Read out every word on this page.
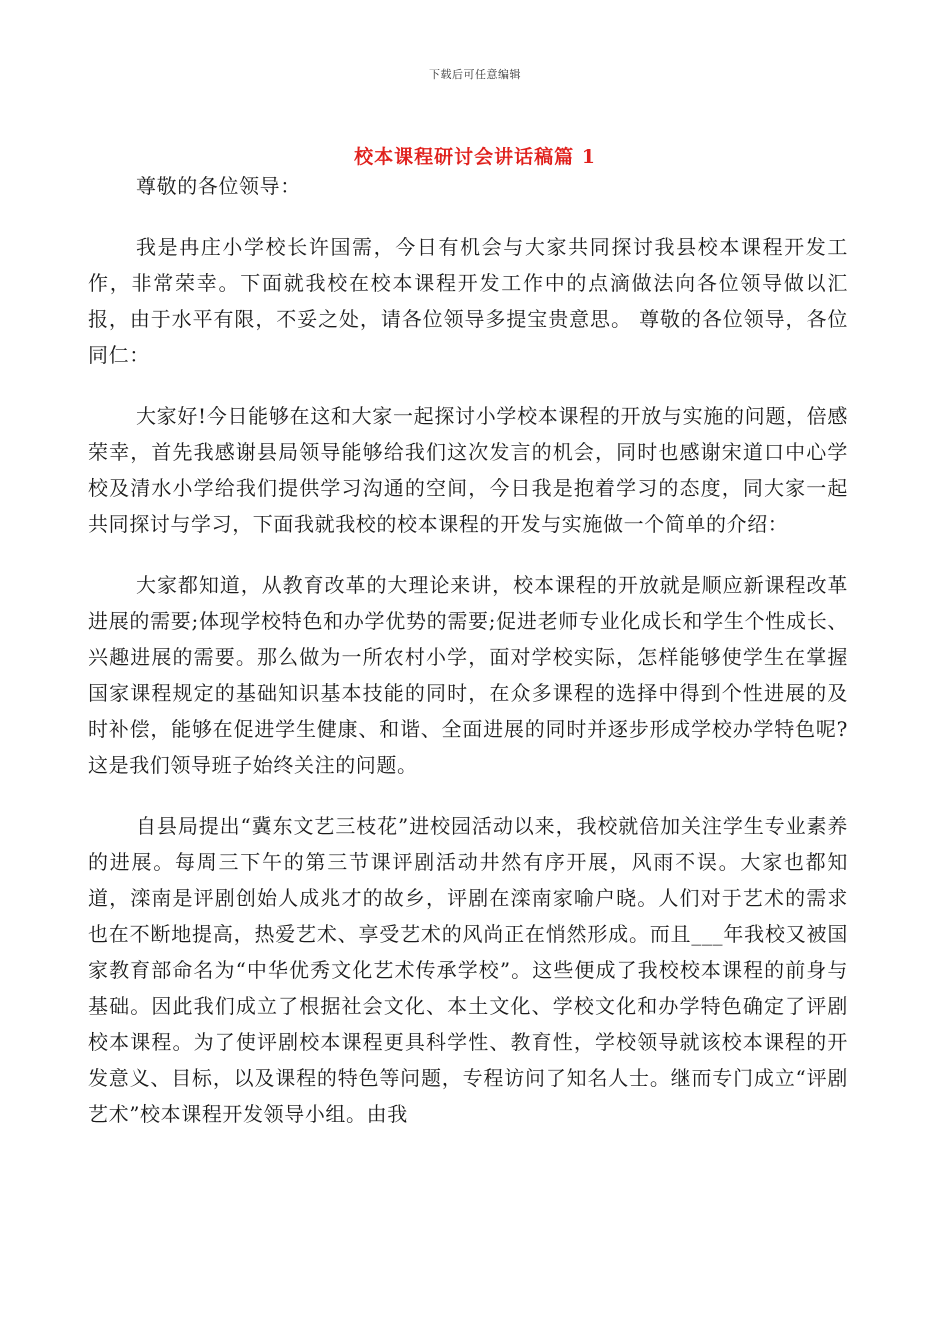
下载后可任意编辑
校本课程研讨会讲话稿篇 1

尊敬的各位领导：

我是冉庄小学校长许国需，今日有机会与大家共同探讨我县校本课程开发工作，非常荣幸。下面就我校在校本课程开发工作中的点滴做法向各位领导做以汇报，由于水平有限，不妥之处，请各位领导多提宝贵意思。 尊敬的各位领导，各位同仁：

大家好!今日能够在这和大家一起探讨小学校本课程的开放与实施的问题，倍感荣幸，首先我感谢县局领导能够给我们这次发言的机会，同时也感谢宋道口中心学校及清水小学给我们提供学习沟通的空间，今日我是抱着学习的态度，同大家一起共同探讨与学习，下面我就我校的校本课程的开发与实施做一个简单的介绍：

大家都知道，从教育改革的大理论来讲，校本课程的开放就是顺应新课程改革进展的需要;体现学校特色和办学优势的需要;促进老师专业化成长和学生个性成长、兴趣进展的需要。那么做为一所农村小学，面对学校实际，怎样能够使学生在掌握国家课程规定的基础知识基本技能的同时，在众多课程的选择中得到个性进展的及时补偿，能够在促进学生健康、和谐、全面进展的同时并逐步形成学校办学特色呢?这是我们领导班子始终关注的问题。

自县局提出“冀东文艺三枝花”进校园活动以来，我校就倍加关注学生专业素养的进展。每周三下午的第三节课评剧活动井然有序开展，风雨不误。大家也都知道，滦南是评剧创始人成兆才的故乡，评剧在滦南家喻户晓。人们对于艺术的需求也在不断地提高，热爱艺术、享受艺术的风尚正在悄然形成。而且___年我校又被国家教育部命名为“中华优秀文化艺术传承学校”。这些便成了我校校本课程的前身与基础。因此我们成立了根据社会文化、本土文化、学校文化和办学特色确定了评剧校本课程。为了使评剧校本课程更具科学性、教育性，学校领导就该校本课程的开发意义、目标，以及课程的特色等问题，专程访问了知名人士。继而专门成立“评剧艺术”校本课程开发领导小组。由我
